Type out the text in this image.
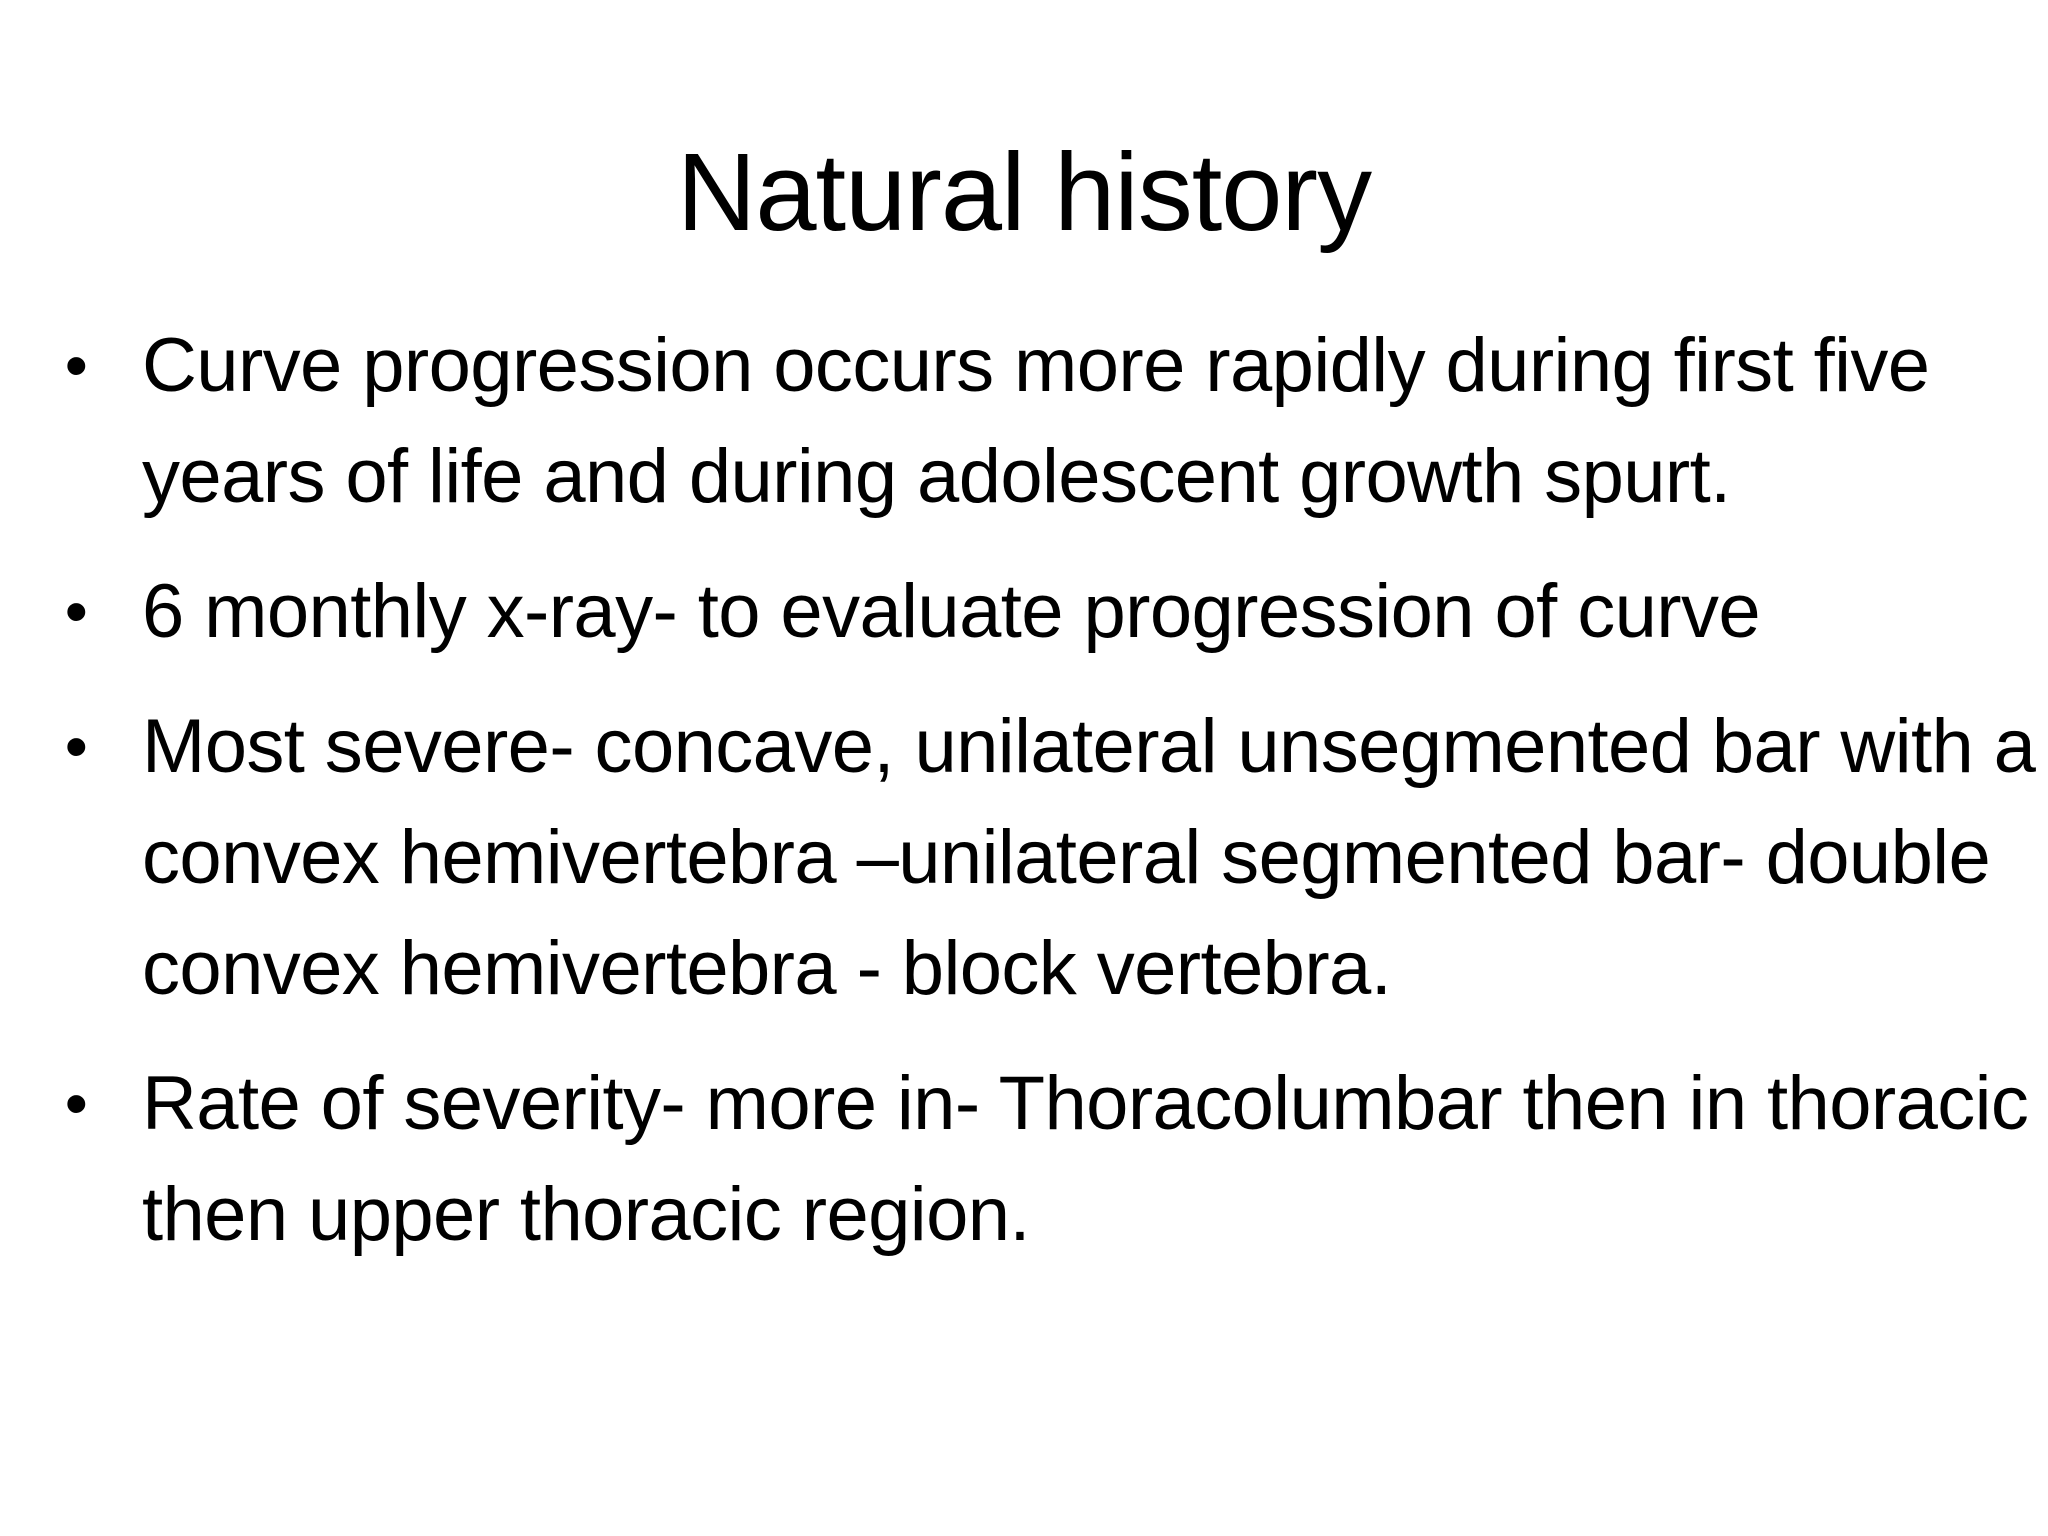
Natural history
• Curve progression occurs more rapidly during first five years of life and during adolescent growth spurt.
• 6 monthly x-ray- to evaluate progression of curve
• Most severe- concave, unilateral unsegmented bar with a convex hemivertebra –unilateral segmented bar- double convex hemivertebra - block vertebra.
• Rate of severity- more in- Thoracolumbar then in thoracic then upper thoracic region.
